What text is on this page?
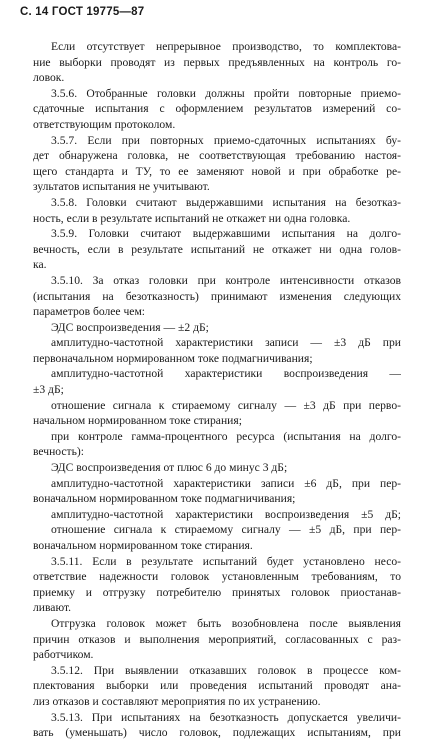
С. 14 ГОСТ 19775—87
Если отсутствует непрерывное производство, то комплектова-
ние выборки проводят из первых предъявленных на контроль го-
ловок.
3.5.6. Отобранные головки должны пройти повторные приемо-
сдаточные испытания с оформлением результатов измерений со-
ответствующим протоколом.
3.5.7. Если при повторных приемо-сдаточных испытаниях бу-
дет обнаружена головка, не соответствующая требованию настоя-
щего стандарта и ТУ, то ее заменяют новой и при обработке ре-
зультатов испытания не учитывают.
3.5.8. Головки считают выдержавшими испытания на безотказ-
ность, если в результате испытаний не откажет ни одна головка.
3.5.9. Головки считают выдержавшими испытания на долго-
вечность, если в результате испытаний не откажет ни одна голов-
ка.
3.5.10. За отказ головки при контроле интенсивности отказов
(испытания на безотказность) принимают изменения следующих
параметров более чем:
ЭДС воспроизведения — ±2 дБ;
амплитудно-частотной характеристики записи — ±3 дБ при
первоначальном нормированном токе подмагничивания;
амплитудно-частотной характеристики воспроизведения —
±3 дБ;
отношение сигнала к стираемому сигналу — ±3 дБ при перво-
начальном нормированном токе стирания;
при контроле гамма-процентного ресурса (испытания на долго-
вечность):
ЭДС воспроизведения от плюс 6 до минус 3 дБ;
амплитудно-частотной характеристики записи ±6 дБ, при пер-
воначальном нормированном токе подмагничивания;
амплитудно-частотной характеристики воспроизведения ±5 дБ;
отношение сигнала к стираемому сигналу — ±5 дБ, при пер-
воначальном нормированном токе стирания.
3.5.11. Если в результате испытаний будет установлено несо-
ответствие надежности головок установленным требованиям, то
приемку и отгрузку потребителю принятых головок приостанав-
ливают.
Отгрузка головок может быть возобновлена после выявления
причин отказов и выполнения мероприятий, согласованных с раз-
работчиком.
3.5.12. При выявлении отказавших головок в процессе ком-
плектования выборки или проведения испытаний проводят ана-
лиз отказов и составляют мероприятия по их устранению.
3.5.13. При испытаниях на безотказность допускается увеличи-
вать (уменьшать) число головок, подлежащих испытаниям, при
